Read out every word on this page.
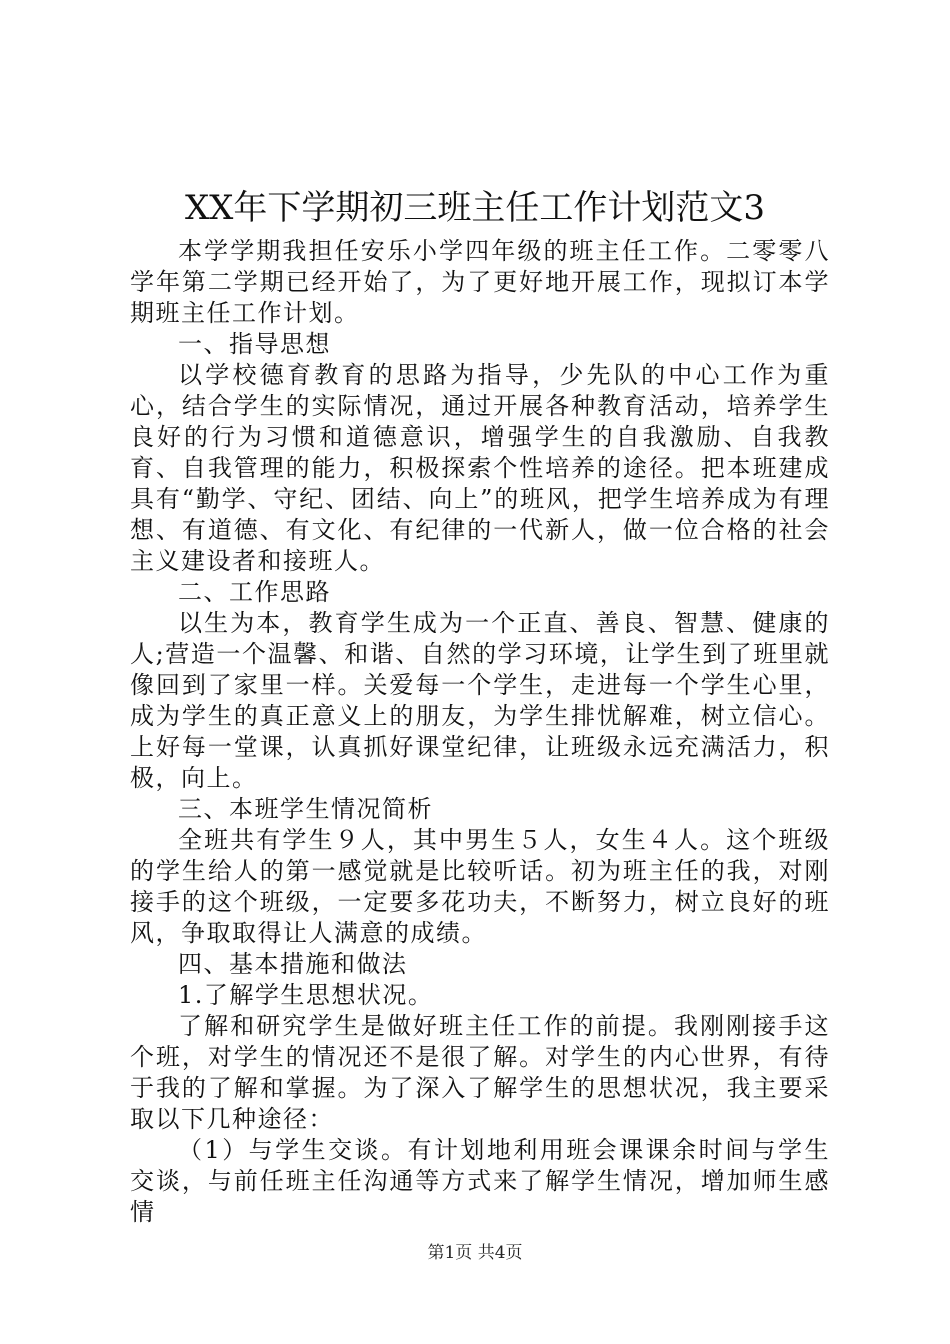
XX年下学期初三班主任工作计划范文3

本学学期我担任安乐小学四年级的班主任工作。二零零八学年第二学期已经开始了，为了更好地开展工作，现拟订本学期班主任工作计划。

一、指导思想

以学校德育教育的思路为指导，少先队的中心工作为重心，结合学生的实际情况，通过开展各种教育活动，培养学生良好的行为习惯和道德意识，增强学生的自我激励、自我教育、自我管理的能力，积极探索个性培养的途径。把本班建成具有“勤学、守纪、团结、向上”的班风，把学生培养成为有理想、有道德、有文化、有纪律的一代新人，做一位合格的社会主义建设者和接班人。

二、工作思路

以生为本，教育学生成为一个正直、善良、智慧、健康的人;营造一个温馨、和谐、自然的学习环境，让学生到了班里就像回到了家里一样。关爱每一个学生，走进每一个学生心里，成为学生的真正意义上的朋友，为学生排忧解难，树立信心。上好每一堂课，认真抓好课堂纪律，让班级永远充满活力，积极，向上。

三、本班学生情况简析

全班共有学生９人，其中男生５人，女生４人。这个班级的学生给人的第一感觉就是比较听话。初为班主任的我，对刚接手的这个班级，一定要多花功夫，不断努力，树立良好的班风，争取取得让人满意的成绩。

四、基本措施和做法

1.了解学生思想状况。

了解和研究学生是做好班主任工作的前提。我刚刚接手这个班，对学生的情况还不是很了解。对学生的内心世界，有待于我的了解和掌握。为了深入了解学生的思想状况，我主要采取以下几种途径：

（1）与学生交谈。有计划地利用班会课课余时间与学生交谈，与前任班主任沟通等方式来了解学生情况，增加师生感情

第1页 共4页
